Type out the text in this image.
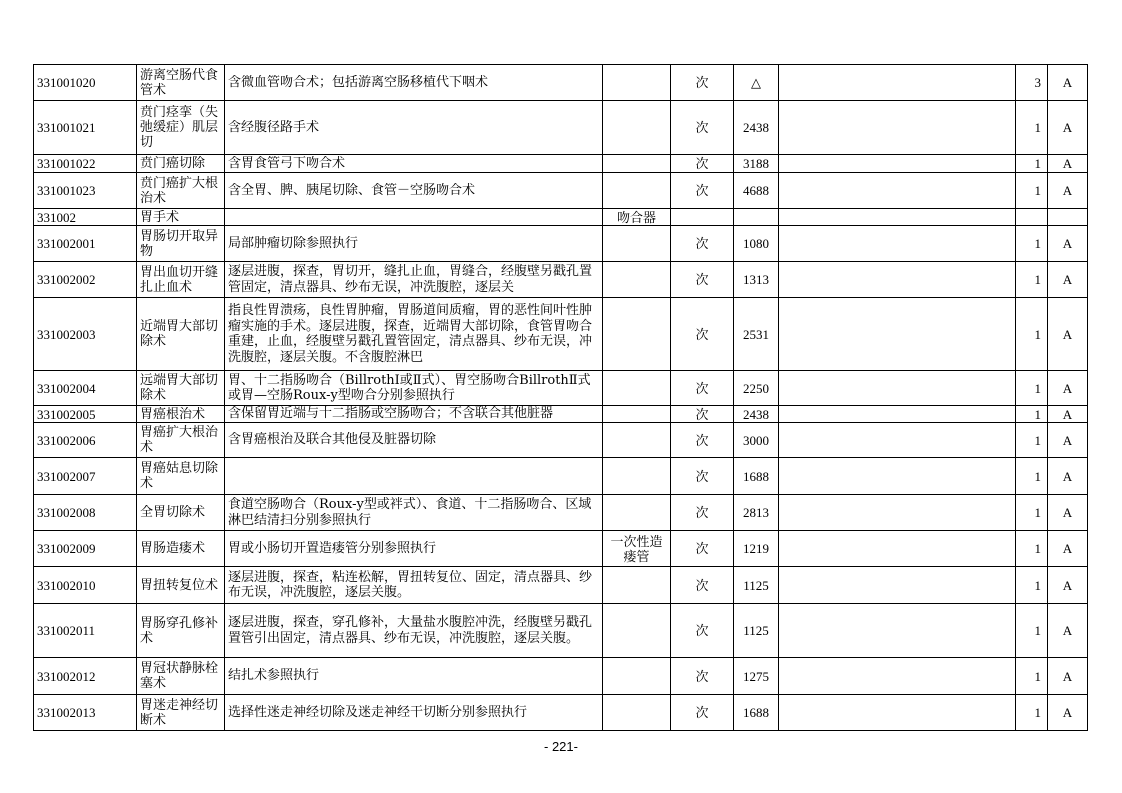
331001020	游离空肠代食管术	含微血管吻合术；包括游离空肠移植代下咽术		次	△		3	A

331001021	贲门痉挛（失弛缓症）肌层切	含经腹径路手术		次	2438		1	A

331001022	贲门癌切除	含胃食管弓下吻合术		次	3188		1	A

331001023	贲门癌扩大根治术	含全胃、脾、胰尾切除、食管－空肠吻合术		次	4688		1	A

331002	胃手术		吻合器					

331002001	胃肠切开取异物	局部肿瘤切除参照执行		次	1080		1	A

331002002	胃出血切开缝扎止血术	逐层进腹，探查，胃切开，缝扎止血，胃缝合，经腹壁另戳孔置管固定，清点器具、纱布无误，冲洗腹腔，逐层关		次	1313		1	A

331002003	近端胃大部切除术	指良性胃溃疡，良性胃肿瘤，胃肠道间质瘤，胃的恶性间叶性肿瘤实施的手术。逐层进腹，探查，近端胃大部切除，食管胃吻合重建，止血，经腹壁另戳孔置管固定，清点器具、纱布无误，冲洗腹腔，逐层关腹。不含腹腔淋巴		次	2531		1	A

331002004	远端胃大部切除术	胃、十二指肠吻合（BillrothⅠ或Ⅱ式）、胃空肠吻合BillrothⅡ式或胃—空肠Roux-y型吻合分别参照执行		次	2250		1	A

331002005	胃癌根治术	含保留胃近端与十二指肠或空肠吻合；不含联合其他脏器		次	2438		1	A

331002006	胃癌扩大根治术	含胃癌根治及联合其他侵及脏器切除		次	3000		1	A

331002007	胃癌姑息切除术			次	1688		1	A

331002008	全胃切除术	食道空肠吻合（Roux-y型或袢式）、食道、十二指肠吻合、区域淋巴结清扫分别参照执行		次	2813		1	A

331002009	胃肠造瘘术	胃或小肠切开置造瘘管分别参照执行	一次性造瘘管	次	1219		1	A

331002010	胃扭转复位术	逐层进腹，探查，粘连松解，胃扭转复位、固定，清点器具、纱布无误，冲洗腹腔，逐层关腹。		次	1125		1	A

331002011	胃肠穿孔修补术	逐层进腹，探查，穿孔修补，大量盐水腹腔冲洗，经腹壁另戳孔置管引出固定，清点器具、纱布无误，冲洗腹腔，逐层关腹。		次	1125		1	A

331002012	胃冠状静脉栓塞术	结扎术参照执行		次	1275		1	A

331002013	胃迷走神经切断术	选择性迷走神经切除及迷走神经干切断分别参照执行		次	1688		1	A
- 221-
